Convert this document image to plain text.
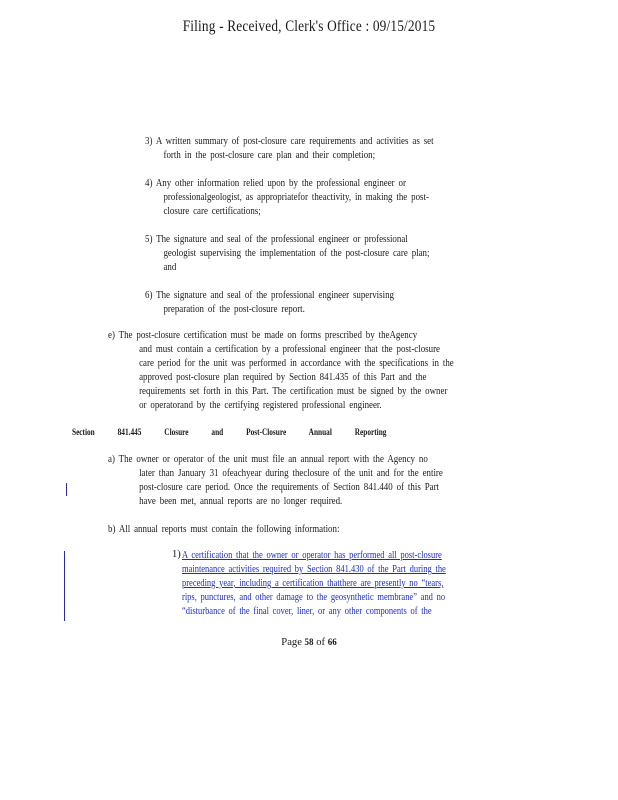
Filing - Received, Clerk's Office : 09/15/2015
3) A written summary of post-closure care requirements and activities as set
forth in the post-closure care plan and their completion;
4) Any other information relied upon by the professional engineer or
professionalgeologist, as appropriatefor theactivity, in making the post-
closure care certifications;
5) The signature and seal of the professional engineer or professional
geologist supervising the implementation of the post-closure care plan;
and
6) The signature and seal of the professional engineer supervising
preparation of the post-closure report.
e) The post-closure certification must be made on forms prescribed by theAgency
and must contain a certification by a professional engineer that the post-closure
care period for the unit was performed in accordance with the specifications in the
approved post-closure plan required by Section 841.435 of this Part and the
requirements set forth in this Part. The certification must be signed by the owner
or operatorand by the certifying registered professional engineer.
Section 841.445 Closure and Post-Closure Annual Reporting
a) The owner or operator of the unit must file an annual report with the Agency no
later than January 31 ofeachyear during theclosure of the unit and for the entire
post-closure care period. Once the requirements of Section 841.440 of this Part
have been met, annual reports are no longer required.
b) All annual reports must contain the following information:
1) A certification that the owner or operator has performed all post-closure
maintenance activities required by Section 841.430 of the Part during the
preceding year, including a certification thatthere are presently no “tears,
rips, punctures, and other damage to the geosynthetic membrane” and no
“disturbance of the final cover, liner, or any other components of the
Page 58 of 66
